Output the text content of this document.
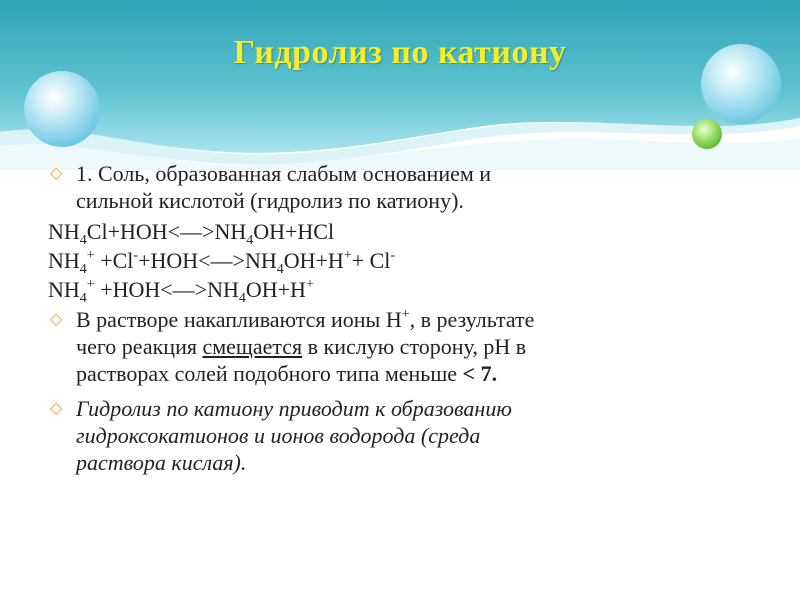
Гидролиз по катиону
◇ 1. Соль, образованная слабым основанием и

сильной кислотой (гидролиз по катиону).

$NH_4Cl+HOH<—>NH_4OH+HCl$

$NH_4^+$ $+Cl^-+HOH<—>NH_4OH+H^++ Cl^-$

$NH_4^+$ $+HOH<—>NH_4OH+H^+$

◇ В растворе накапливаются ионы Н+, в результате

чего реакция смещается в кислую сторону, рН в

растворах солей подобного типа меньше < 7.

◇ Гидролиз по катиону приводит к образованию

гидроксокатионов и ионов водорода (среда

раствора кислая).
